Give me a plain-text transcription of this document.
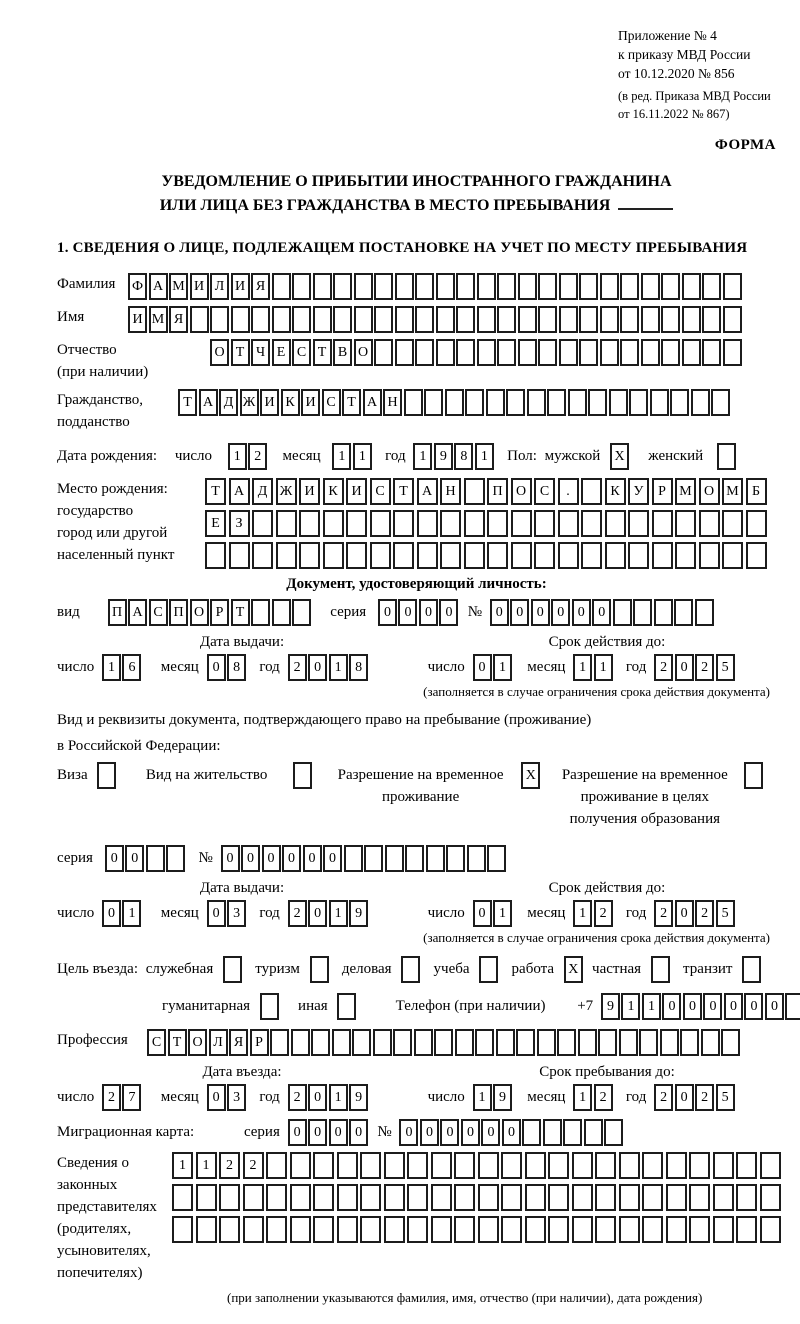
Приложение № 4
к приказу МВД России
от 10.12.2020 № 856
(в ред. Приказа МВД России
от 16.11.2022 № 867)
ФОРМА
УВЕДОМЛЕНИЕ О ПРИБЫТИИ ИНОСТРАННОГО ГРАЖДАНИНА
ИЛИ ЛИЦА БЕЗ ГРАЖДАНСТВА В МЕСТО ПРЕБЫВАНИЯ
1. СВЕДЕНИЯ О ЛИЦЕ, ПОДЛЕЖАЩЕМ ПОСТАНОВКЕ НА УЧЕТ ПО МЕСТУ ПРЕБЫВАНИЯ
Фамилия	Ф А М И Л И Я
Имя	И М Я
Отчество
(при наличии)
О Т Ч Е С Т В О
Гражданство,
подданство
Т А Д Ж И К И С Т А Н
Дата рождения: число 1 2 месяц 1 1 год 1 9 8 1 Пол: мужской X женский
Место рождения:
государство
город или другой
населенный пункт
Т А Д Ж И К И С Т А Н	П О С .	К У Р М О М Б
Е З
Документ, удостоверяющий личность:
вид П А С П О Р Т	серия 0 0 0 0 № 0 0 0 0 0 0
Дата выдачи:	Срок действия до:
число 1 6 месяц 0 8 год 2 0 1 8	число 0 1 месяц 1 1 год 2 0 2 5
(заполняется в случае ограничения срока действия документа)
Вид и реквизиты документа, подтверждающего право на пребывание (проживание)
в Российской Федерации:
Виза	Вид на жительство	Разрешение на временное
проживание
X	Разрешение на временное
проживание в целях
получения образования

серия 0 0	№ 0 0 0 0 0 0
Дата выдачи:	Срок действия до:
число 0 1 месяц 0 3 год 2 0 1 9	число 0 1 месяц 1 2 год 2 0 2 5
(заполняется в случае ограничения срока действия документа)
Цель въезда: служебная	туризм	деловая	учеба	работа X частная	транзит
гуманитарная	иная	Телефон (при наличии) +7 9 1 1 0 0 0 0 0 0
Профессия	С Т О Л Я Р
Дата въезда:	Срок пребывания до:
число 2 7 месяц 0 3 год 2 0 1 9	число 1 9 месяц 1 2 год 2 0 2 5
Миграционная карта:	серия 0 0 0 0 № 0 0 0 0 0 0
Сведения о
законных
представителях
(родителях,
усыновителях,
попечителях)
1 1 2 2
(при заполнении указываются фамилия, имя, отчество (при наличии), дата рождения)
